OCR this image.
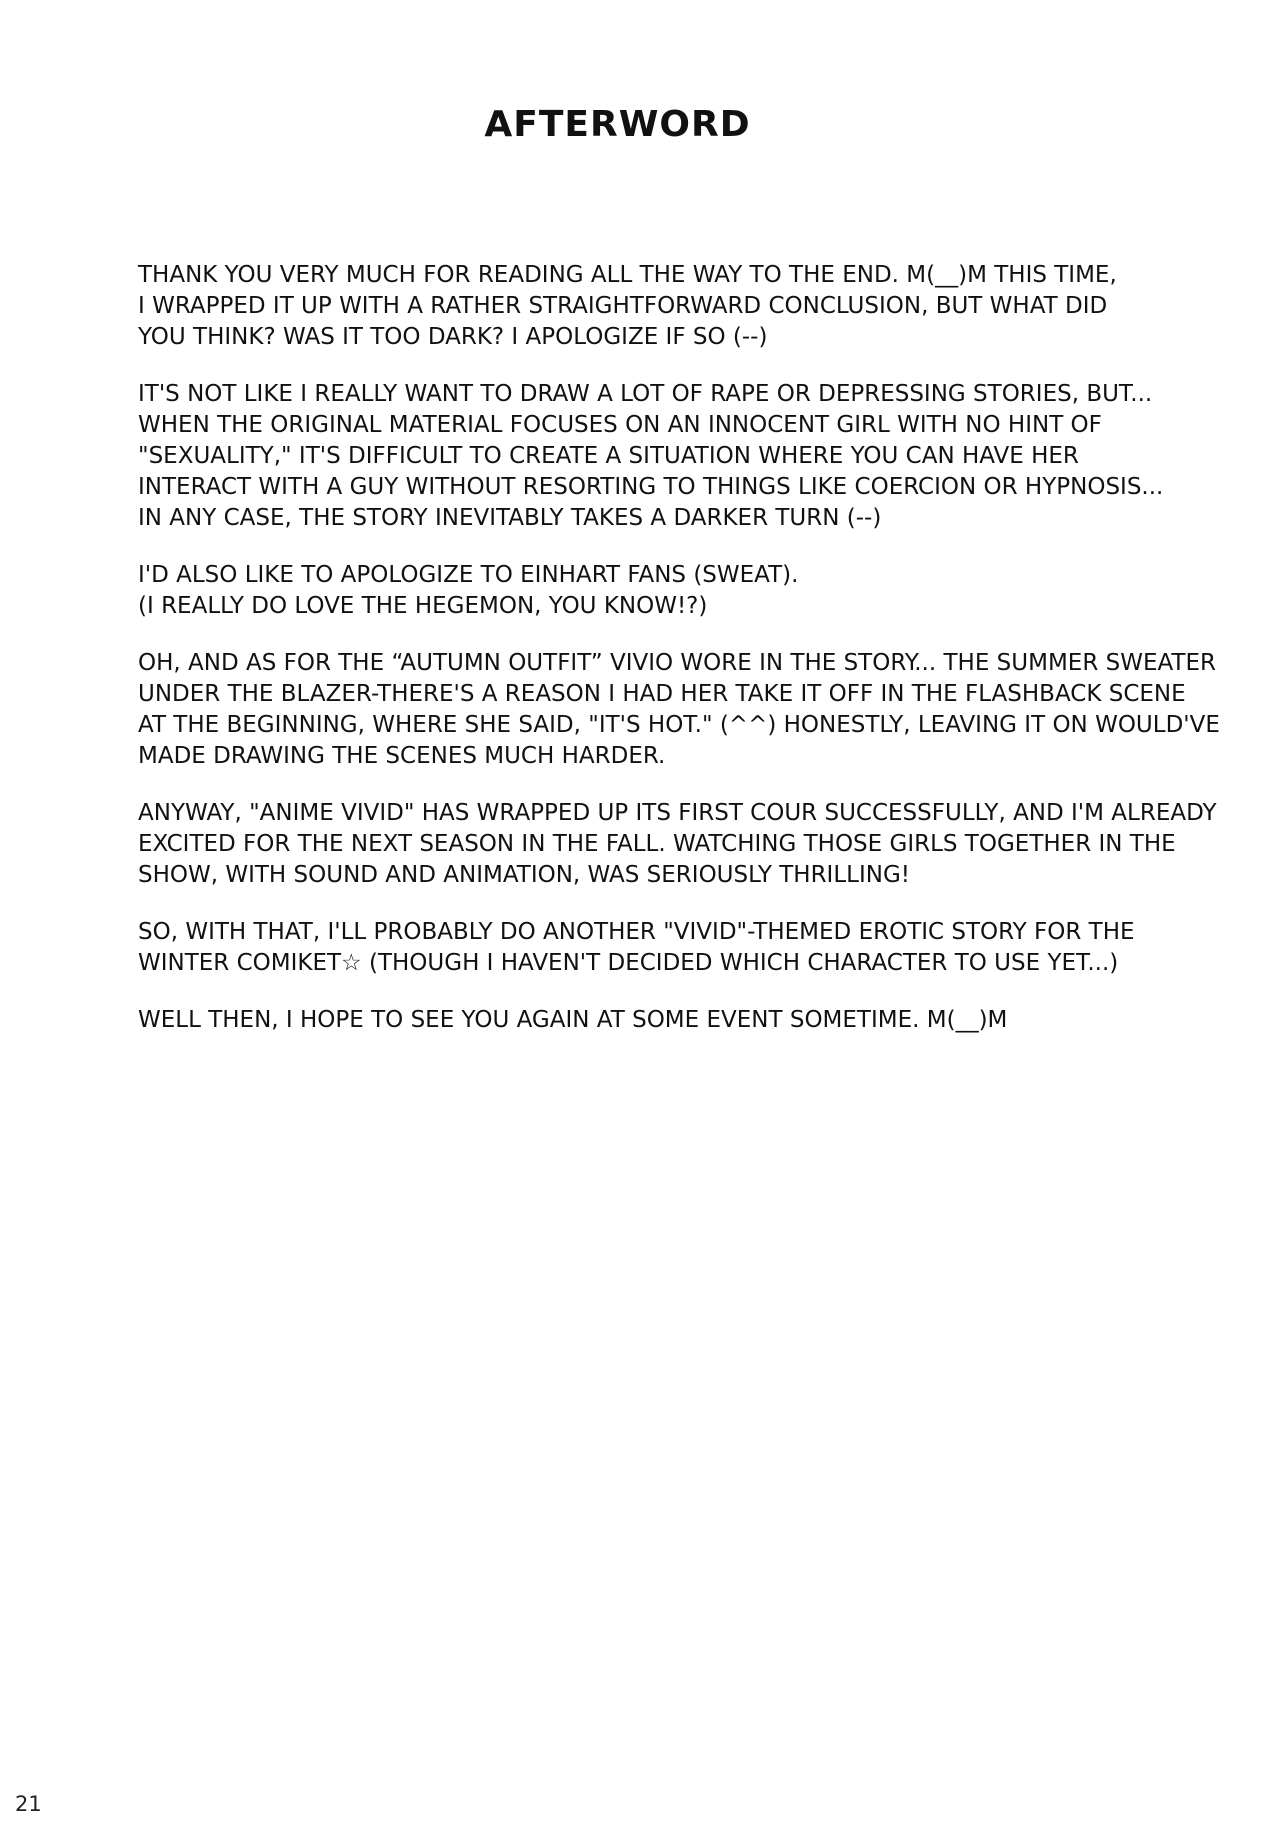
AFTERWORD

THANK YOU VERY MUCH FOR READING ALL THE WAY TO THE END. M(__)M THIS TIME,
I WRAPPED IT UP WITH A RATHER STRAIGHTFORWARD CONCLUSION, BUT WHAT DID
YOU THINK? WAS IT TOO DARK? I APOLOGIZE IF SO (--)

IT'S NOT LIKE I REALLY WANT TO DRAW A LOT OF RAPE OR DEPRESSING STORIES, BUT...
WHEN THE ORIGINAL MATERIAL FOCUSES ON AN INNOCENT GIRL WITH NO HINT OF
"SEXUALITY," IT'S DIFFICULT TO CREATE A SITUATION WHERE YOU CAN HAVE HER
INTERACT WITH A GUY WITHOUT RESORTING TO THINGS LIKE COERCION OR HYPNOSIS...
IN ANY CASE, THE STORY INEVITABLY TAKES A DARKER TURN (--)

I'D ALSO LIKE TO APOLOGIZE TO EINHART FANS (SWEAT).
(I REALLY DO LOVE THE HEGEMON, YOU KNOW!?)

OH, AND AS FOR THE “AUTUMN OUTFIT” VIVIO WORE IN THE STORY... THE SUMMER SWEATER
UNDER THE BLAZER-THERE'S A REASON I HAD HER TAKE IT OFF IN THE FLASHBACK SCENE
AT THE BEGINNING, WHERE SHE SAID, "IT'S HOT." (^^) HONESTLY, LEAVING IT ON WOULD'VE
MADE DRAWING THE SCENES MUCH HARDER.

ANYWAY, "ANIME VIVID" HAS WRAPPED UP ITS FIRST COUR SUCCESSFULLY, AND I'M ALREADY
EXCITED FOR THE NEXT SEASON IN THE FALL. WATCHING THOSE GIRLS TOGETHER IN THE
SHOW, WITH SOUND AND ANIMATION, WAS SERIOUSLY THRILLING!

SO, WITH THAT, I'LL PROBABLY DO ANOTHER "VIVID"-THEMED EROTIC STORY FOR THE
WINTER COMIKET☆ (THOUGH I HAVEN'T DECIDED WHICH CHARACTER TO USE YET...)

WELL THEN, I HOPE TO SEE YOU AGAIN AT SOME EVENT SOMETIME. M(__)M

21
